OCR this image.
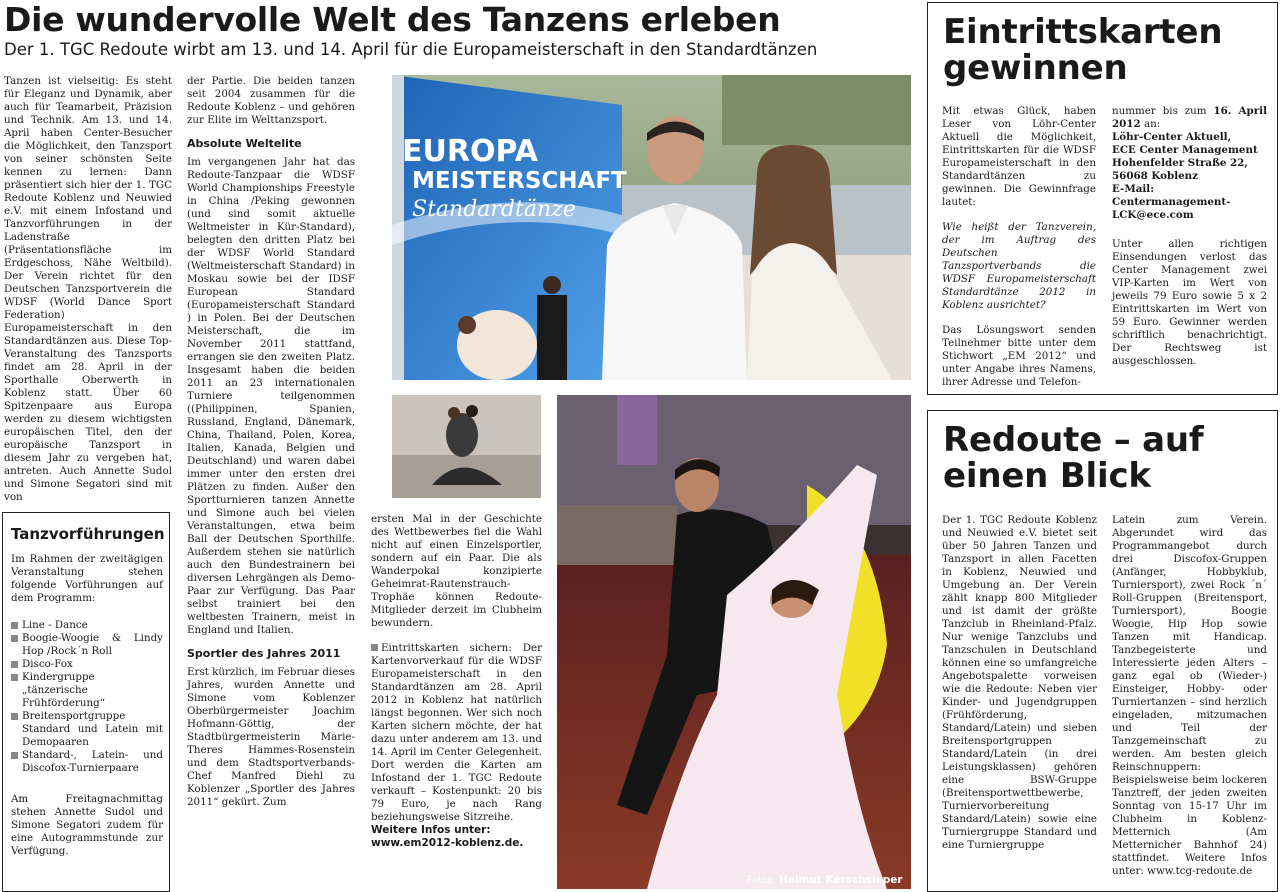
Die wundervolle Welt des Tanzens erleben
Der 1. TGC Redoute wirbt am 13. und 14. April für die Europameisterschaft in den Standardtänzen

Tanzen ist vielseitig: Es steht für Eleganz und Dynamik, aber auch für Teamarbeit, Präzision und Technik. Am 13. und 14. April haben Center-Besucher die Möglichkeit, den Tanzsport von seiner schönsten Seite kennen zu lernen: Dann präsentiert sich hier der 1. TGC Redoute Koblenz und Neuwied e.V. mit einem Infostand und Tanzvorführungen in der Ladenstraße (Präsentationsfläche im Erdgeschoss, Nähe Weltbild). Der Verein richtet für den Deutschen Tanzsportverein die WDSF (World Dance Sport Federation) Europameisterschaft in den Standardtänzen aus. Diese Top-Veranstaltung des Tanzsports findet am 28. April in der Sporthalle Oberwerth in Koblenz statt. Über 60 Spitzenpaare aus Europa werden zu diesem wichtigsten europäischen Titel, den der europäische Tanzsport in diesem Jahr zu vergeben hat, antreten. Auch Annette Sudol und Simone Segatori sind mit von

der Partie. Die beiden tanzen seit 2004 zusammen für die Redoute Koblenz – und gehören zur Elite im Welttanzsport.

Absolute Weltelite

Im vergangenen Jahr hat das Redoute-Tanzpaar die WDSF World Championships Freestyle in China /Peking gewonnen (und sind somit aktuelle Weltmeister in Kür-Standard), belegten den dritten Platz bei der WDSF World Standard (Weltmeisterschaft Standard) in Moskau sowie bei der IDSF European Standard (Europameisterschaft Standard ) in Polen. Bei der Deutschen Meisterschaft, die im November 2011 stattfand, errangen sie den zweiten Platz. Insgesamt haben die beiden 2011 an 23 internationalen Turniere teilgenommen ((Philippinen, Spanien, Russland, England, Dänemark, China, Thailand, Polen, Korea, Italien, Kanada, Belgien und Deutschland) und waren dabei immer unter den ersten drei Plätzen zu finden. Außer den Sportturnieren tanzen Annette und Simone auch bei vielen Veranstaltungen, etwa beim Ball der Deutschen Sporthilfe. Außerdem stehen sie natürlich auch den Bundestrainern bei diversen Lehrgängen als Demo-Paar zur Verfügung. Das Paar selbst trainiert bei den weltbesten Trainern, meist in England und Italien.

Sportler des Jahres 2011

Erst kürzlich, im Februar dieses Jahres, wurden Annette und Simone vom Koblenzer Oberbürgermeister Joachim Hofmann-Göttig, der Stadtbürgermeisterin Marie-Theres Hammes-Rosenstein und dem Stadtsportverbands-Chef Manfred Diehl zu Koblenzer „Sportler des Jahres 2011“ gekürt. Zum

ersten Mal in der Geschichte des Wettbewerbes fiel die Wahl nicht auf einen Einzelsportler, sondern auf ein Paar. Die als Wanderpokal konzipierte Geheimrat-Rautenstrauch-Trophäe können Redoute-Mitglieder derzeit im Clubheim bewundern.

Eintrittskarten sichern: Der Kartenvorverkauf für die WDSF Europameisterschaft in den Standardtänzen am 28. April 2012 in Koblenz hat natürlich längst begonnen. Wer sich noch Karten sichern möchte, der hat dazu unter anderem am 13. und 14. April im Center Gelegenheit. Dort werden die Karten am Infostand der 1. TGC Redoute verkauft – Kostenpunkt: 20 bis 79 Euro, je nach Rang beziehungsweise Sitzreihe.

Weitere Infos unter:
www.em2012-koblenz.de.

Tanzvorführungen

Im Rahmen der zweitägigen Veranstaltung stehen folgende Vorführungen auf dem Programm:

Line - Dance
Boogie-Woogie & Lindy Hop /Rock´n Roll
Disco-Fox
Kindergruppe „tänzerische Frühförderung“
Breitensportgruppe Standard und Latein mit Demopaaren
Standard-, Latein- und Discofox-Turnierpaare

Am Freitagnachmittag stehen Annette Sudol und Simone Segatori zudem für eine Autogrammstunde zur Verfügung.

EUROPA
MEISTERSCHAFT
Standardtänze
Fotos: Helmut Kerschsieper
Eintrittskarten
gewinnen

Mit etwas Glück, haben Leser von Löhr-Center Aktuell die Möglichkeit, Eintrittskarten für die WDSF Europameisterschaft in den Standardtänzen zu gewinnen. Die Gewinnfrage lautet:

Wie heißt der Tanzverein, der im Auftrag des Deutschen Tanzsportverbands die WDSF Europameisterschaft Standardtänze 2012 in Koblenz ausrichtet?

Das Lösungswort senden Teilnehmer bitte unter dem Stichwort „EM 2012“ und unter Angabe ihres Namens, ihrer Adresse und Telefon-

nummer bis zum 16. April 2012 an:

Löhr-Center Aktuell,
ECE Center Management
Hohenfelder Straße 22,
56068 Koblenz
E-Mail:
Centermanagement-LCK@ece.com

Unter allen richtigen Einsendungen verlost das Center Management zwei VIP-Karten im Wert von jeweils 79 Euro sowie 5 x 2 Eintrittskarten im Wert von 59 Euro. Gewinner werden schriftlich benachrichtigt. Der Rechtsweg ist ausgeschlossen.

Redoute – auf
einen Blick

Der 1. TGC Redoute Koblenz und Neuwied e.V. bietet seit über 50 Jahren Tanzen und Tanzsport in allen Facetten in Koblenz, Neuwied und Umgebung an. Der Verein zählt knapp 800 Mitglieder und ist damit der größte Tanzclub in Rheinland-Pfalz. Nur wenige Tanzclubs und Tanzschulen in Deutschland können eine so umfangreiche Angebotspalette vorweisen wie die Redoute: Neben vier Kinder- und Jugendgruppen (Frühförderung, Standard/Latein) und sieben Breitensportgruppen Standard/Latein (in drei Leistungsklassen) gehören eine BSW-Gruppe (Breitensportwettbewerbe, Turniervorbereitung Standard/Latein) sowie eine Turniergruppe Standard und eine Turniergruppe

Latein zum Verein. Abgerundet wird das Programmangebot durch drei Discofox-Gruppen (Anfänger, Hobbyklub, Turniersport), zwei Rock ´n´ Roll-Gruppen (Breitensport, Turniersport), Boogie Woogie, Hip Hop sowie Tanzen mit Handicap. Tanzbegeisterte und Interessierte jeden Alters – ganz egal ob (Wieder-) Einsteiger, Hobby- oder Turniertanzen – sind herzlich eingeladen, mitzumachen und Teil der Tanzgemeinschaft zu werden. Am besten gleich Reinschnuppern: Beispielsweise beim lockeren Tanztreff, der jeden zweiten Sonntag von 15-17 Uhr im Clubheim in Koblenz-Metternich (Am Metternicher Bahnhof 24) stattfindet. Weitere Infos unter: www.tcg-redoute.de
